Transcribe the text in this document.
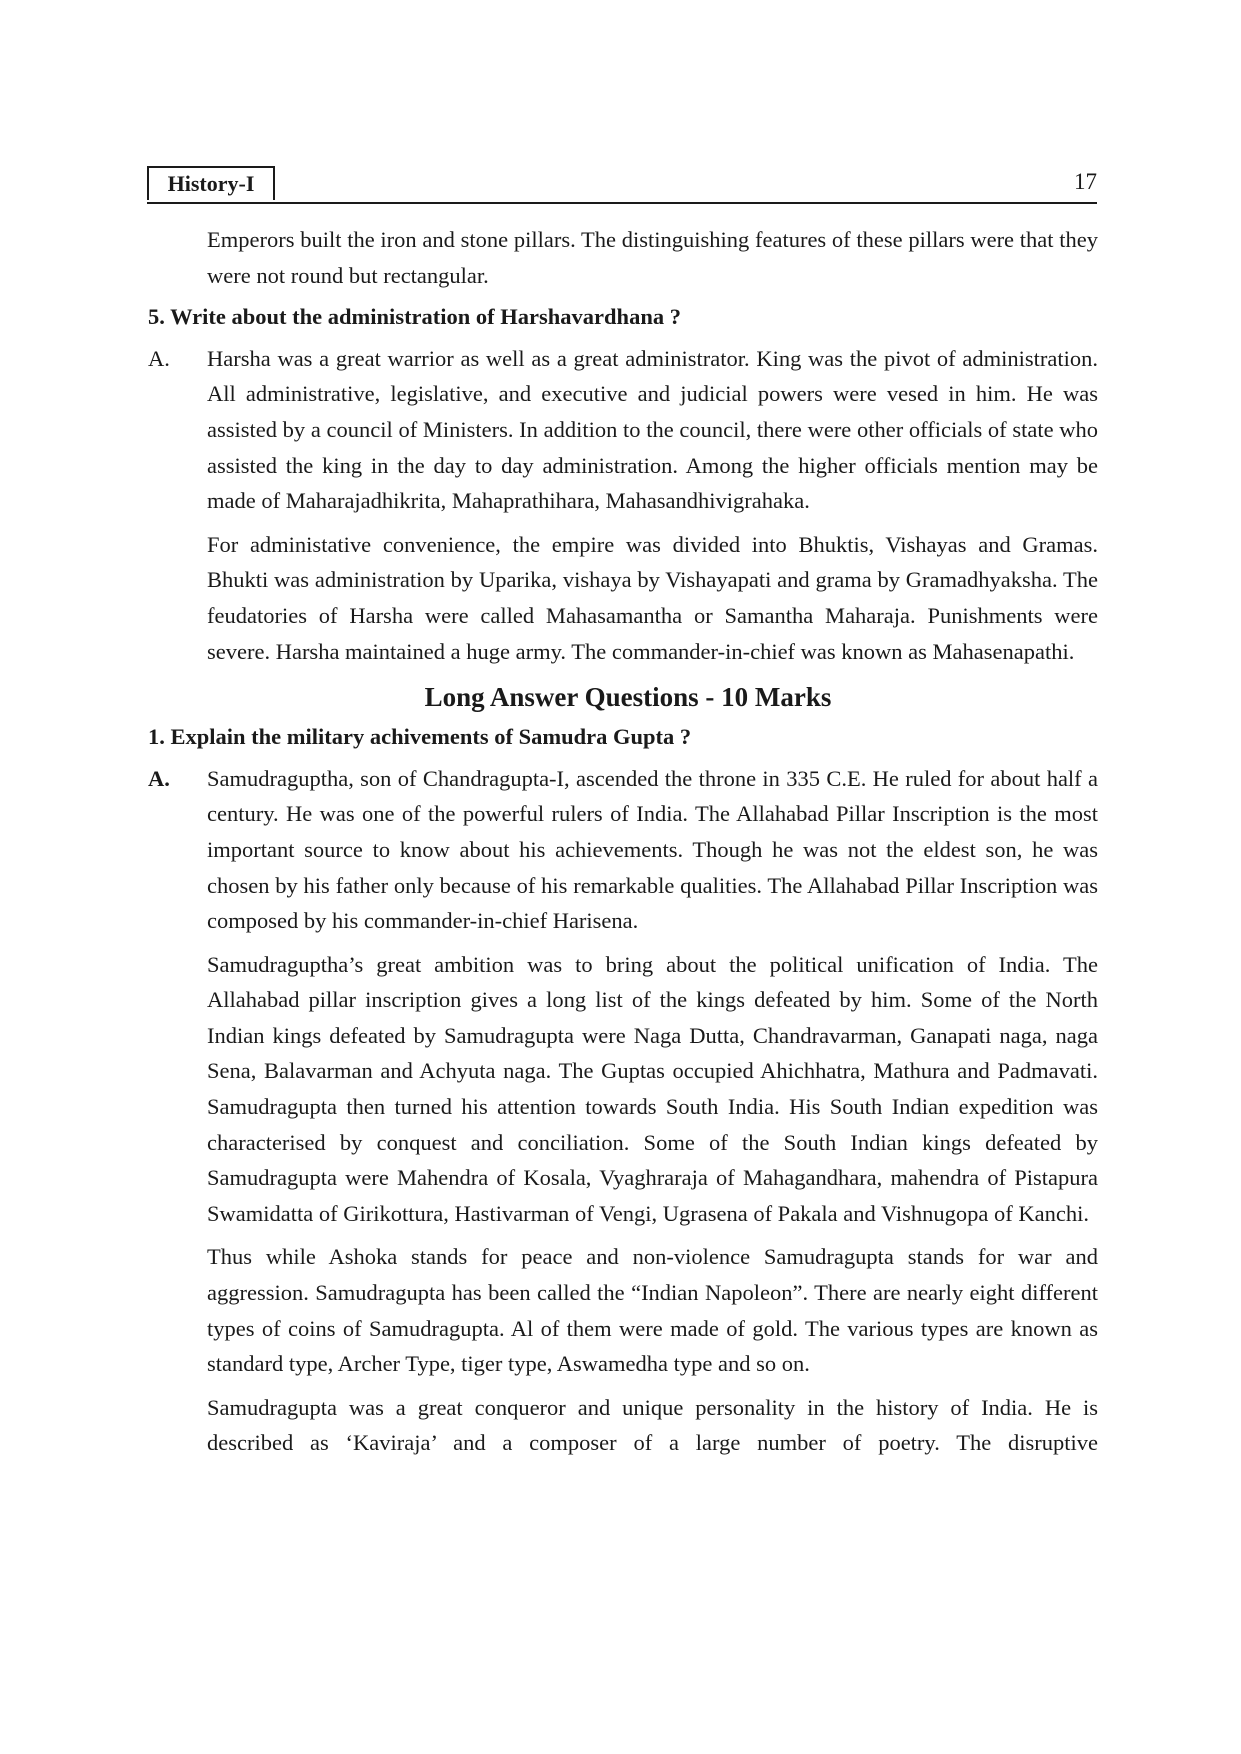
History-I	17

Emperors built the iron and stone pillars. The distinguishing features of these pillars were that they were not round but rectangular.

5. Write about the administration of Harshavardhana ?

A. Harsha was a great warrior as well as a great administrator. King was the pivot of administration. All administrative, legislative, and executive and judicial powers were vesed in him. He was assisted by a council of Ministers. In addition to the council, there were other officials of state who assisted the king in the day to day administration. Among the higher officials mention may be made of Maharajadhikrita, Mahaprathihara, Mahasandhivigrahaka.

For administative convenience, the empire was divided into Bhuktis, Vishayas and Gramas. Bhukti was administration by Uparika, vishaya by Vishayapati and grama by Gramadhyaksha. The feudatories of Harsha were called Mahasamantha or Samantha Maharaja. Punishments were severe. Harsha maintained a huge army. The commander-in-chief was known as Mahasenapathi.

Long Answer Questions - 10 Marks

1. Explain the military achivements of Samudra Gupta ?

A. Samudraguptha, son of Chandragupta-I, ascended the throne in 335 C.E. He ruled for about half a century. He was one of the powerful rulers of India. The Allahabad Pillar Inscription is the most important source to know about his achievements. Though he was not the eldest son, he was chosen by his father only because of his remarkable qualities. The Allahabad Pillar Inscription was composed by his commander-in-chief Harisena.

Samudraguptha’s great ambition was to bring about the political unification of India. The Allahabad pillar inscription gives a long list of the kings defeated by him. Some of the North Indian kings defeated by Samudragupta were Naga Dutta, Chandravarman, Ganapati naga, naga Sena, Balavarman and Achyuta naga. The Guptas occupied Ahichhatra, Mathura and Padmavati. Samudragupta then turned his attention towards South India. His South Indian expedition was characterised by conquest and conciliation. Some of the South Indian kings defeated by Samudragupta were Mahendra of Kosala, Vyaghraraja of Mahagandhara, mahendra of Pistapura Swamidatta of Girikottura, Hastivarman of Vengi, Ugrasena of Pakala and Vishnugopa of Kanchi.

Thus while Ashoka stands for peace and non-violence Samudragupta stands for war and aggression. Samudragupta has been called the “Indian Napoleon”. There are nearly eight different types of coins of Samudragupta. Al of them were made of gold. The various types are known as standard type, Archer Type, tiger type, Aswamedha type and so on.

Samudragupta was a great conqueror and unique personality in the history of India. He is described as ‘Kaviraja’ and a composer of a large number of poetry. The disruptive
